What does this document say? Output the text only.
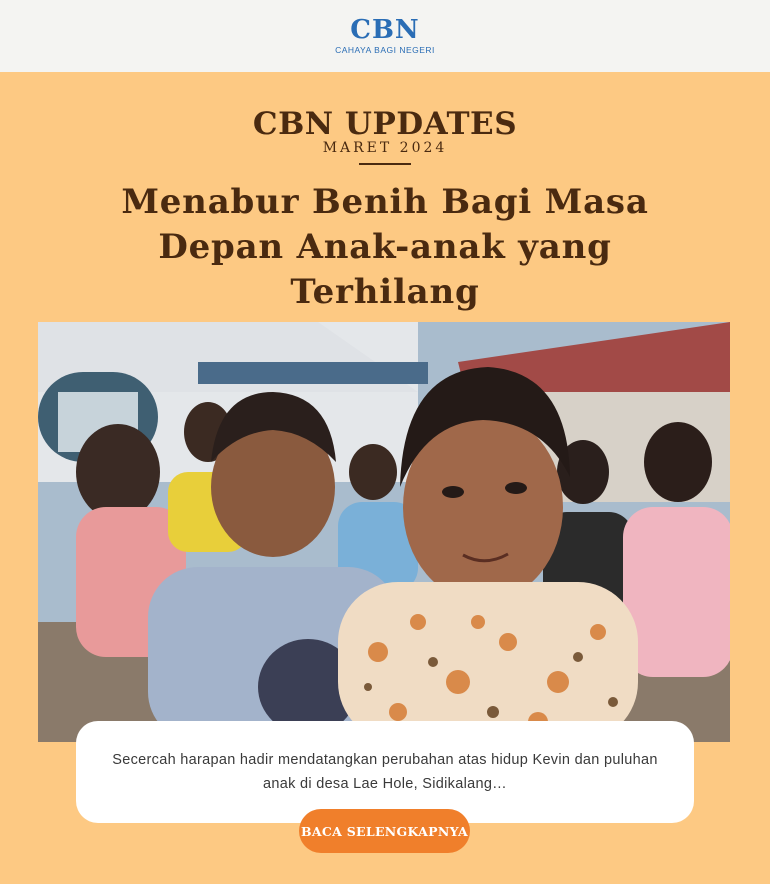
CBN
CAHAYA BAGI NEGERI
CBN UPDATES
MARET 2024
Menabur Benih Bagi Masa Depan Anak-anak yang Terhilang

Secercah harapan hadir mendatangkan perubahan atas hidup Kevin dan puluhan anak di desa Lae Hole, Sidikalang…

BACA SELENGKAPNYA
